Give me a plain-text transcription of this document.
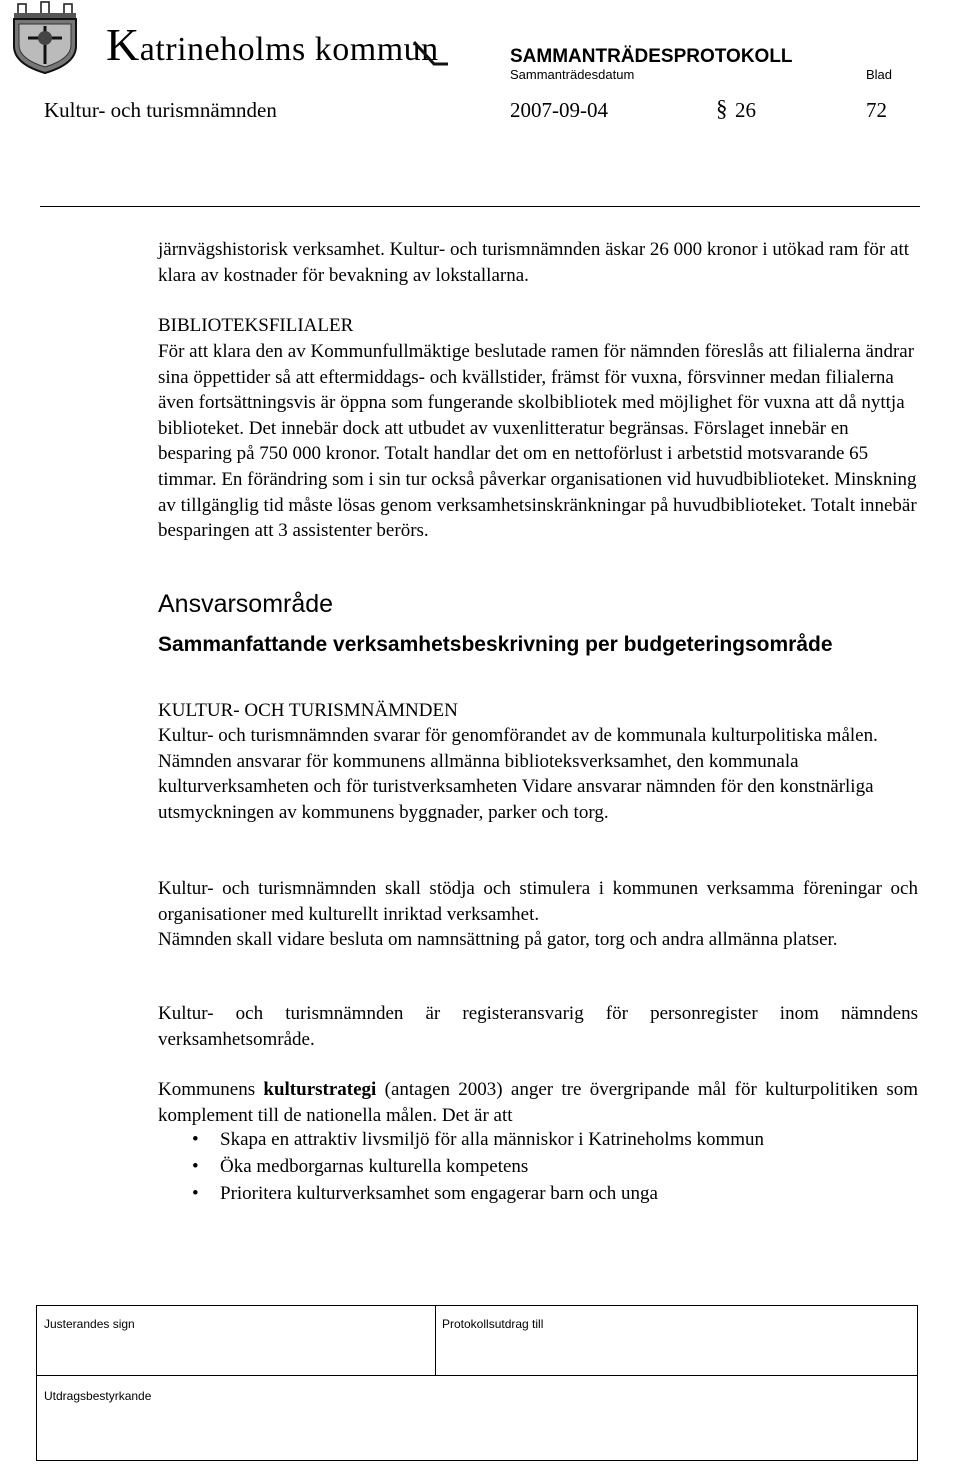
Katrineholms kommun	SAMMANTRÄDESPROTOKOLL
Sammanträdesdatum	Blad
Kultur- och turismnämnden	2007-09-04	§ 26	72

järnvägshistorisk verksamhet. Kultur- och turismnämnden äskar 26 000 kronor i utökad ram för att klara av kostnader för bevakning av lokstallarna.

BIBLIOTEKSFILIALER

För att klara den av Kommunfullmäktige beslutade ramen för nämnden föreslås att filialerna ändrar sina öppettider så att eftermiddags- och kvällstider, främst för vuxna, försvinner medan filialerna även fortsättningsvis är öppna som fungerande skolbibliotek med möjlighet för vuxna att då nyttja biblioteket. Det innebär dock att utbudet av vuxenlitteratur begränsas. Förslaget innebär en besparing på 750 000 kronor. Totalt handlar det om en nettoförlust i arbetstid motsvarande 65 timmar. En förändring som i sin tur också påverkar organisationen vid huvudbiblioteket. Minskning av tillgänglig tid måste lösas genom verksamhetsinskränkningar på huvudbiblioteket. Totalt innebär besparingen att 3 assistenter berörs.

Ansvarsområde
Sammanfattande verksamhetsbeskrivning per budgeteringsområde

KULTUR- OCH TURISMNÄMNDEN

Kultur- och turismnämnden svarar för genomförandet av de kommunala kulturpolitiska målen. Nämnden ansvarar för kommunens allmänna biblioteksverksamhet, den kommunala kulturverksamheten och för turistverksamheten Vidare ansvarar nämnden för den konstnärliga utsmyckningen av kommunens byggnader, parker och torg.

Kultur- och turismnämnden skall stödja och stimulera i kommunen verksamma föreningar och organisationer med kulturellt inriktad verksamhet.

Nämnden skall vidare besluta om namnsättning på gator, torg och andra allmänna platser.

Kultur- och turismnämnden är registeransvarig för personregister inom nämndens verksamhetsområde.

Kommunens kulturstrategi (antagen 2003) anger tre övergripande mål för kulturpolitiken som komplement till de nationella målen. Det är att

• Skapa en attraktiv livsmiljö för alla människor i Katrineholms kommun
• Öka medborgarnas kulturella kompetens
• Prioritera kulturverksamhet som engagerar barn och unga
Justerandes sign	Protokollsutdrag till
Utdragsbestyrkande
